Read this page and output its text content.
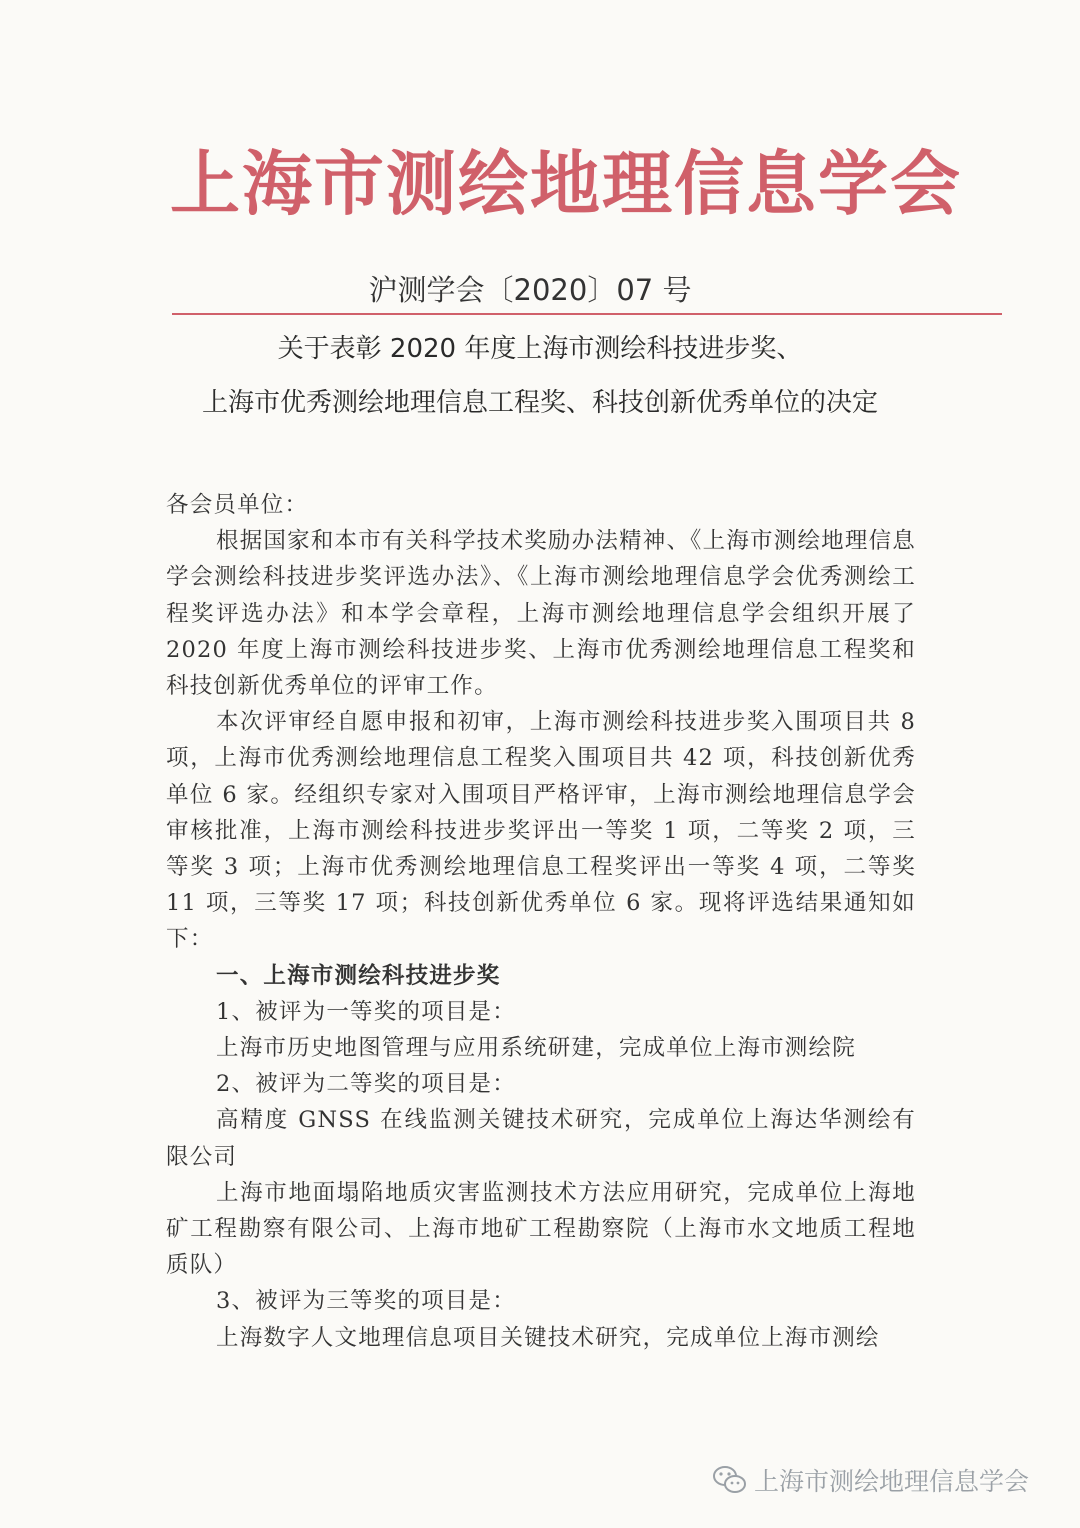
上海市测绘地理信息学会
沪测学会〔2020〕07 号
关于表彰 2020 年度上海市测绘科技进步奖、
上海市优秀测绘地理信息工程奖、科技创新优秀单位的决定

各会员单位：

根据国家和本市有关科学技术奖励办法精神、《上海市测绘地理信息学会测绘科技进步奖评选办法》、《上海市测绘地理信息学会优秀测绘工程奖评选办法》和本学会章程，上海市测绘地理信息学会组织开展了 2020 年度上海市测绘科技进步奖、上海市优秀测绘地理信息工程奖和科技创新优秀单位的评审工作。

本次评审经自愿申报和初审，上海市测绘科技进步奖入围项目共 8 项，上海市优秀测绘地理信息工程奖入围项目共 42 项，科技创新优秀单位 6 家。经组织专家对入围项目严格评审，上海市测绘地理信息学会审核批准，上海市测绘科技进步奖评出一等奖 1 项，二等奖 2 项，三等奖 3 项；上海市优秀测绘地理信息工程奖评出一等奖 4 项，二等奖 11 项，三等奖 17 项；科技创新优秀单位 6 家。现将评选结果通知如下：

一、上海市测绘科技进步奖

1、被评为一等奖的项目是：

上海市历史地图管理与应用系统研建，完成单位上海市测绘院

2、被评为二等奖的项目是：

高精度 GNSS 在线监测关键技术研究，完成单位上海达华测绘有限公司

上海市地面塌陷地质灾害监测技术方法应用研究，完成单位上海地矿工程勘察有限公司、上海市地矿工程勘察院（上海市水文地质工程地质队）

3、被评为三等奖的项目是：

上海数字人文地理信息项目关键技术研究，完成单位上海市测绘

上海市测绘地理信息学会
